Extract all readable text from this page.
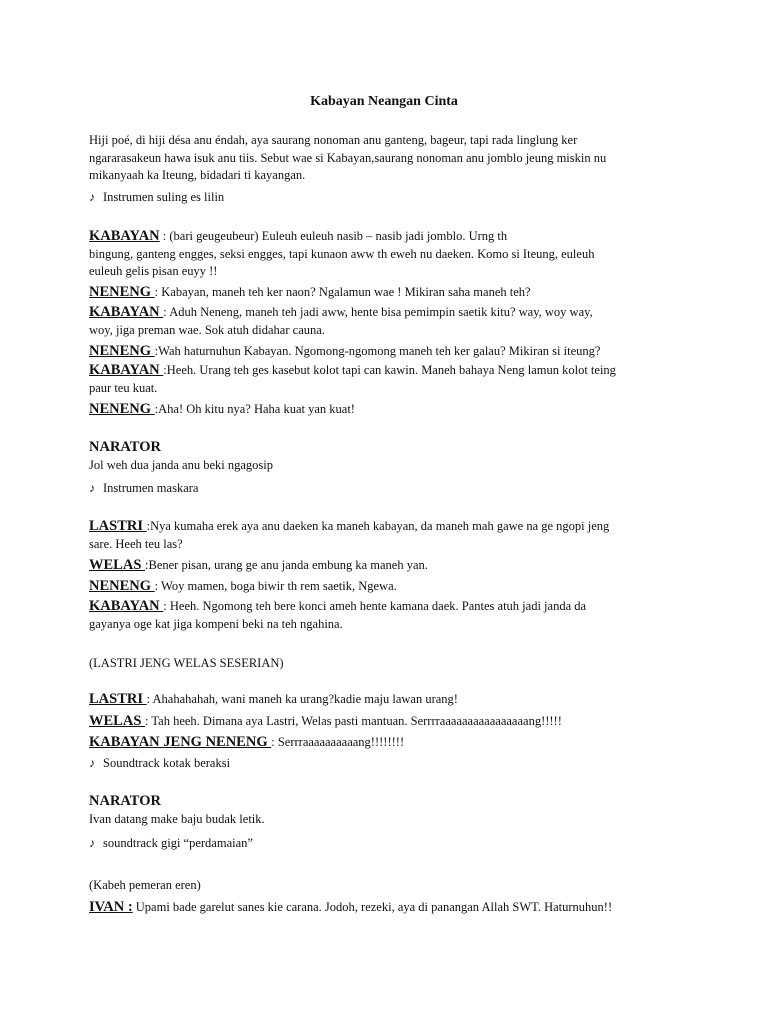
Kabayan Neangan Cinta
Hiji poé, di hiji désa anu éndah, aya saurang nonoman anu ganteng, bageur, tapi rada linglung ker
ngararasakeun hawa isuk anu tiis. Sebut wae si Kabayan,saurang nonoman anu jomblo jeung miskin nu
mikanyaah ka Iteung, bidadari ti kayangan.
♪ Instrumen suling es lilin
KABAYAN : (bari geugeubeur) Euleuh euleuh nasib – nasib jadi jomblo. Urng th
bingung, ganteng engges, seksi engges, tapi kunaon aww th eweh nu daeken. Komo si Iteung, euleuh
euleuh gelis pisan euyy !!
NENENG : Kabayan, maneh teh ker naon? Ngalamun wae ! Mikiran saha maneh teh?
KABAYAN : Aduh Neneng, maneh teh jadi aww, hente bisa pemimpin saetik kitu? way, woy way,
woy, jiga preman wae. Sok atuh didahar cauna.
NENENG :Wah haturnuhun Kabayan. Ngomong-ngomong maneh teh ker galau? Mikiran si iteung?
KABAYAN :Heeh. Urang teh ges kasebut kolot tapi can kawin. Maneh bahaya Neng lamun kolot teing
paur teu kuat.
NENENG :Aha! Oh kitu nya? Haha kuat yan kuat!
NARATOR
Jol weh dua janda anu beki ngagosip
♪ Instrumen maskara
LASTRI :Nya kumaha erek aya anu daeken ka maneh kabayan, da maneh mah gawe na ge ngopi jeng
sare. Heeh teu las?
WELAS :Bener pisan, urang ge anu janda embung ka maneh yan.
NENENG : Woy mamen, boga biwir th rem saetik, Ngewa.
KABAYAN : Heeh. Ngomong teh bere konci ameh hente kamana daek. Pantes atuh jadi janda da
gayanya oge kat jiga kompeni beki na teh ngahina.
(LASTRI JENG WELAS SESERIAN)
LASTRI : Ahahahahah, wani maneh ka urang?kadie maju lawan urang!
WELAS : Tah heeh. Dimana aya Lastri, Welas pasti mantuan. Serrrraaaaaaaaaaaaaaaang!!!!!
KABAYAN JENG NENENG : Serrraaaaaaaaaang!!!!!!!!
♪ Soundtrack kotak beraksi
NARATOR
Ivan datang make baju budak letik.
♪ soundtrack gigi “perdamaian”
(Kabeh pemeran eren)
IVAN : Upami bade garelut sanes kie carana. Jodoh, rezeki, aya di panangan Allah SWT. Haturnuhun!!
